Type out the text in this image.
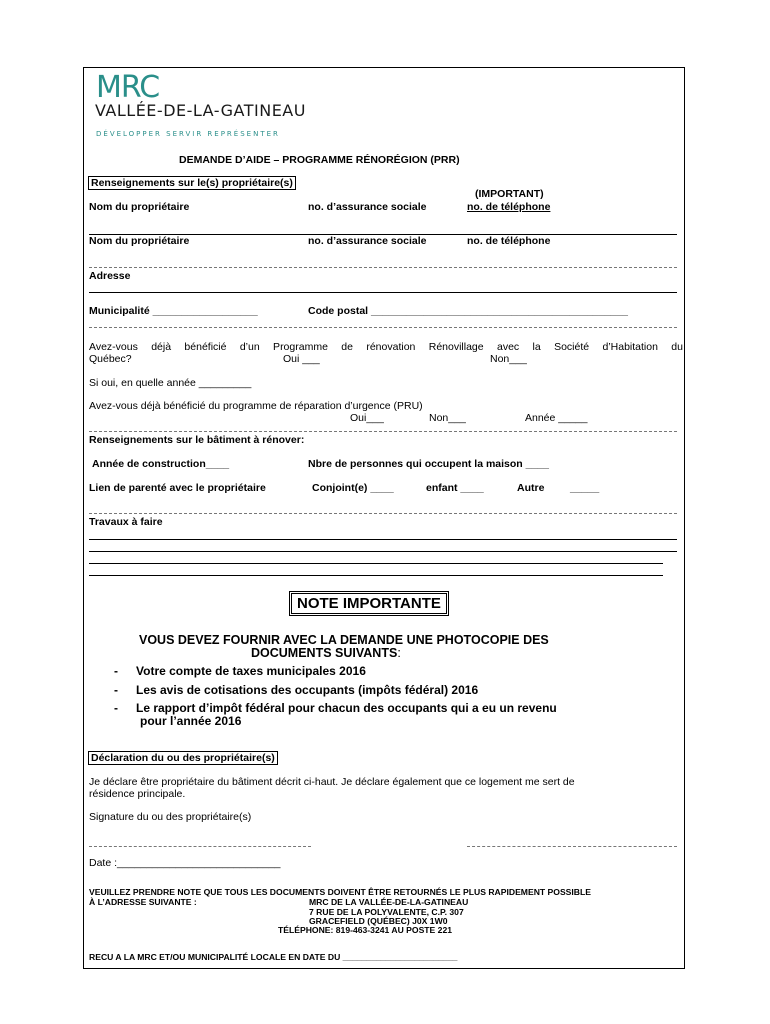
MRC
VALLÉE-DE-LA-GATINEAU
DÉVELOPPER SERVIR REPRÉSENTER
DEMANDE D’AIDE – PROGRAMME RÉNORÉGION (PRR)
Renseignements sur le(s) propriétaire(s)
(IMPORTANT)
Nom du propriétaire	no. d’assurance sociale	no. de téléphone
Nom du propriétaire	no. d’assurance sociale	no. de téléphone
Adresse
Municipalité __________________	Code postal ____________________________________________
Avez-vous déjà bénéficié d’un Programme de rénovation Rénovillage avec la Société d’Habitation du
Québec?	Oui ___	Non___
Si oui, en quelle année _________
Avez-vous déjà bénéficié du programme de réparation d’urgence (PRU)
Oui___	Non___	Année _____
Renseignements sur le bâtiment à rénover:
Année de construction____	Nbre de personnes qui occupent la maison ____
Lien de parenté avec le propriétaire	Conjoint(e) ____	enfant ____	Autre _____
Travaux à faire
NOTE IMPORTANTE
VOUS DEVEZ FOURNIR AVEC LA DEMANDE UNE PHOTOCOPIE DES
DOCUMENTS SUIVANTS:
- Votre compte de taxes municipales 2016
- Les avis de cotisations des occupants (impôts fédéral) 2016
- Le rapport d’impôt fédéral pour chacun des occupants qui a eu un revenu
pour l’année 2016
Déclaration du ou des propriétaire(s)
Je déclare être propriétaire du bâtiment décrit ci-haut. Je déclare également que ce logement me sert de
résidence principale.
Signature du ou des propriétaire(s)
Date :____________________________
VEUILLEZ PRENDRE NOTE QUE TOUS LES DOCUMENTS DOIVENT ÊTRE RETOURNÉS LE PLUS RAPIDEMENT POSSIBLE
À L’ADRESSE SUIVANTE :	MRC DE LA VALLÉE-DE-LA-GATINEAU
7 RUE DE LA POLYVALENTE, C.P. 307
GRACEFIELD (QUÉBEC) J0X 1W0
TÉLÉPHONE: 819-463-3241 AU POSTE 221
RECU A LA MRC ET/OU MUNICIPALITÉ LOCALE EN DATE DU ________________________
